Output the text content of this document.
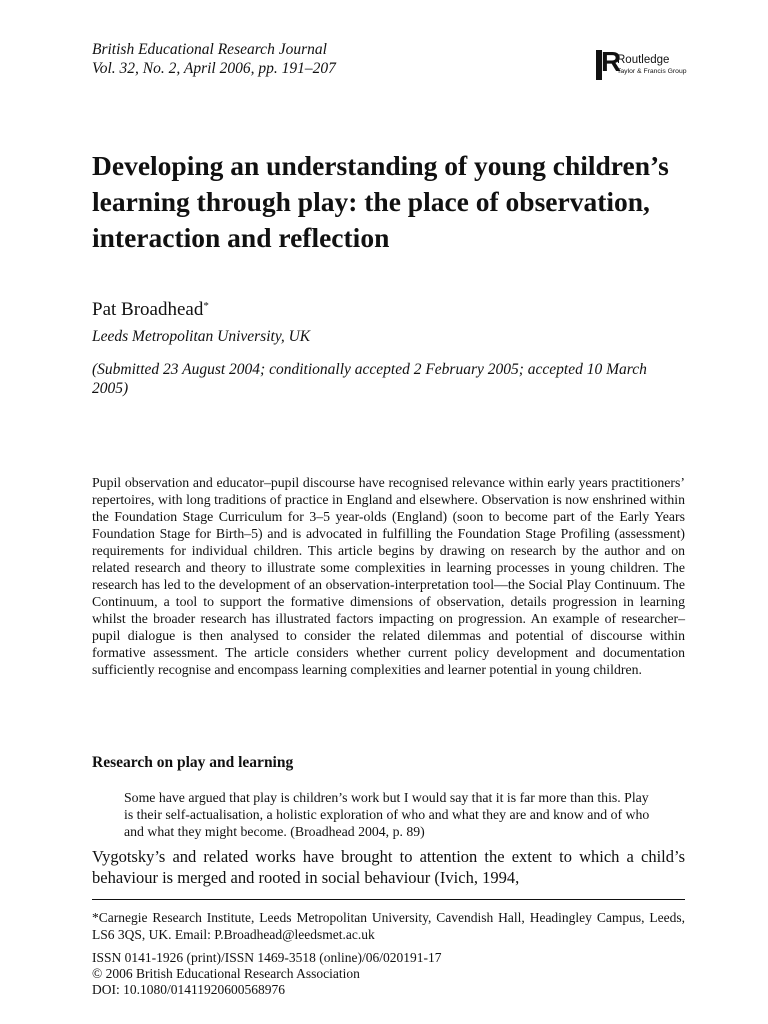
British Educational Research Journal
Vol. 32, No. 2, April 2006, pp. 191–207	R
Routledge
Taylor & Francis Group
Developing an understanding of young children’s learning through play: the place of observation, interaction and reflection
Pat Broadhead*
Leeds Metropolitan University, UK
(Submitted 23 August 2004; conditionally accepted 2 February 2005; accepted 10 March 2005)

Pupil observation and educator–pupil discourse have recognised relevance within early years practitioners’ repertoires, with long traditions of practice in England and elsewhere. Observation is now enshrined within the Foundation Stage Curriculum for 3–5 year-olds (England) (soon to become part of the Early Years Foundation Stage for Birth–5) and is advocated in fulfilling the Foundation Stage Profiling (assessment) requirements for individual children. This article begins by drawing on research by the author and on related research and theory to illustrate some complexities in learning processes in young children. The research has led to the development of an observation-interpretation tool—the Social Play Continuum. The Continuum, a tool to support the formative dimensions of observation, details progression in learning whilst the broader research has illustrated factors impacting on progression. An example of researcher–pupil dialogue is then analysed to consider the related dilemmas and potential of discourse within formative assessment. The article considers whether current policy development and documentation sufficiently recognise and encompass learning complexities and learner potential in young children.

Research on play and learning

Some have argued that play is children’s work but I would say that it is far more than this. Play is their self-actualisation, a holistic exploration of who and what they are and know and of who and what they might become. (Broadhead 2004, p. 89)

Vygotsky’s and related works have brought to attention the extent to which a child’s behaviour is merged and rooted in social behaviour (Ivich, 1994,

*Carnegie Research Institute, Leeds Metropolitan University, Cavendish Hall, Headingley Campus, Leeds, LS6 3QS, UK. Email: P.Broadhead@leedsmet.ac.uk

ISSN 0141-1926 (print)/ISSN 1469-3518 (online)/06/020191-17
© 2006 British Educational Research Association
DOI: 10.1080/01411920600568976
